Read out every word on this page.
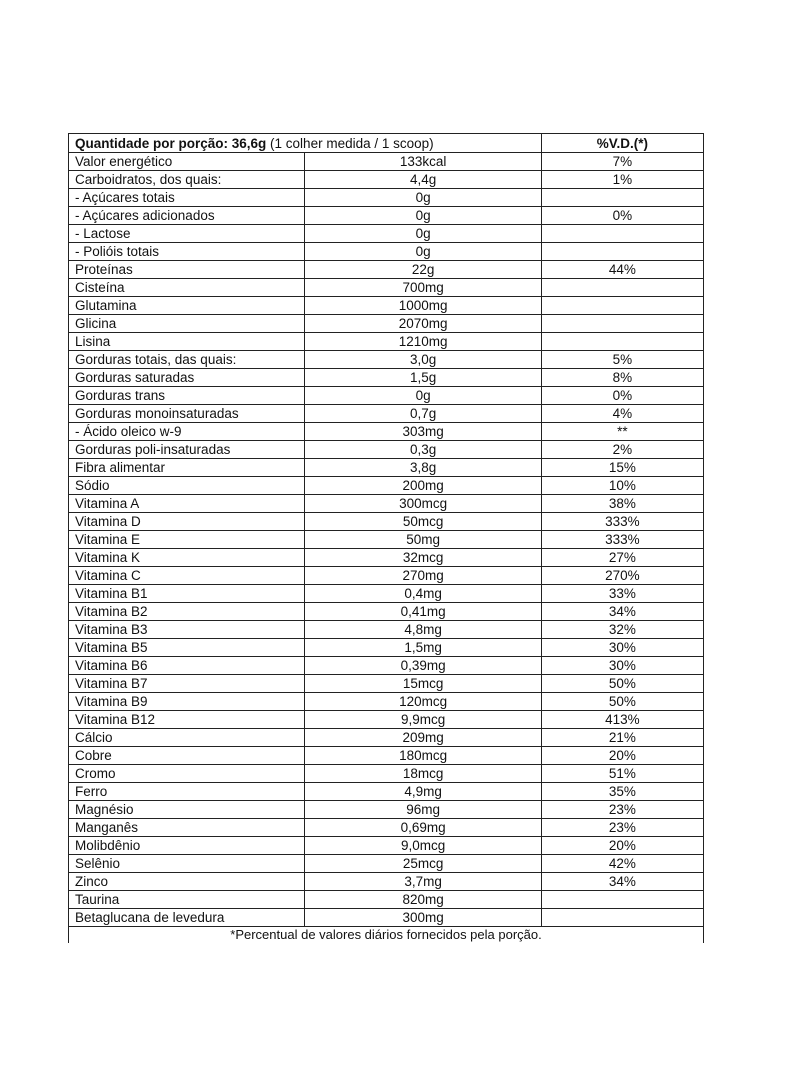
Quantidade por porção: 36,6g (1 colher medida / 1 scoop)		%V.D.(*)
Valor energético	133kcal	7%
Carboidratos, dos quais:	4,4g	1%
- Açúcares totais	0g	
- Açúcares adicionados	0g	0%
- Lactose	0g	
- Polióis totais	0g	
Proteínas	22g	44%
Cisteína	700mg	
Glutamina	1000mg	
Glicina	2070mg	
Lisina	1210mg	
Gorduras totais, das quais:	3,0g	5%
Gorduras saturadas	1,5g	8%
Gorduras trans	0g	0%
Gorduras monoinsaturadas	0,7g	4%
- Ácido oleico w-9	303mg	**
Gorduras poli-insaturadas	0,3g	2%
Fibra alimentar	3,8g	15%
Sódio	200mg	10%
Vitamina A	300mcg	38%
Vitamina D	50mcg	333%
Vitamina E	50mg	333%
Vitamina K	32mcg	27%
Vitamina C	270mg	270%
Vitamina B1	0,4mg	33%
Vitamina B2	0,41mg	34%
Vitamina B3	4,8mg	32%
Vitamina B5	1,5mg	30%
Vitamina B6	0,39mg	30%
Vitamina B7	15mcg	50%
Vitamina B9	120mcg	50%
Vitamina B12	9,9mcg	413%
Cálcio	209mg	21%
Cobre	180mcg	20%
Cromo	18mcg	51%
Ferro	4,9mg	35%
Magnésio	96mg	23%
Manganês	0,69mg	23%
Molibdênio	9,0mcg	20%
Selênio	25mcg	42%
Zinco	3,7mg	34%
Taurina	820mg	
Betaglucana de levedura	300mg	
*Percentual de valores diários fornecidos pela porção.
